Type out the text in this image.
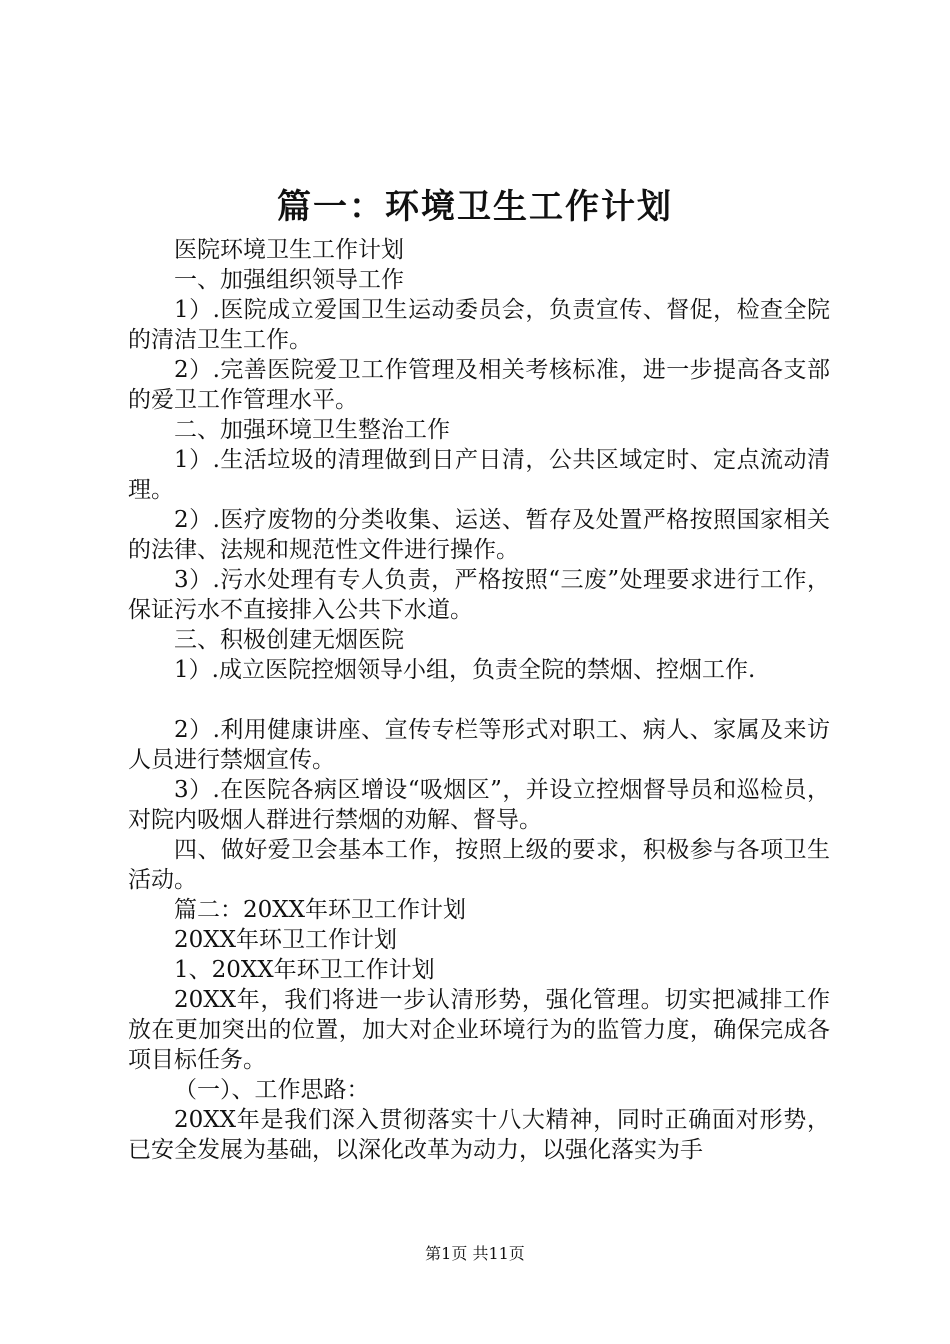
篇一：环境卫生工作计划

医院环境卫生工作计划

一、加强组织领导工作

1）.医院成立爱国卫生运动委员会，负责宣传、督促，检查全院的清洁卫生工作。

2）.完善医院爱卫工作管理及相关考核标准，进一步提高各支部的爱卫工作管理水平。

二、加强环境卫生整治工作

1）.生活垃圾的清理做到日产日清，公共区域定时、定点流动清理。

2）.医疗废物的分类收集、运送、暂存及处置严格按照国家相关的法律、法规和规范性文件进行操作。

3）.污水处理有专人负责，严格按照“三废”处理要求进行工作，保证污水不直接排入公共下水道。

三、积极创建无烟医院

1）.成立医院控烟领导小组，负责全院的禁烟、控烟工作.

2）.利用健康讲座、宣传专栏等形式对职工、病人、家属及来访人员进行禁烟宣传。

3）.在医院各病区增设“吸烟区”，并设立控烟督导员和巡检员，对院内吸烟人群进行禁烟的劝解、督导。

四、做好爱卫会基本工作，按照上级的要求，积极参与各项卫生活动。

篇二：20XX年环卫工作计划

20XX年环卫工作计划

1、20XX年环卫工作计划

20XX年，我们将进一步认清形势，强化管理。切实把减排工作放在更加突出的位置，加大对企业环境行为的监管力度，确保完成各项目标任务。

（一）、工作思路：

20XX年是我们深入贯彻落实十八大精神，同时正确面对形势，已安全发展为基础，以深化改革为动力，以强化落实为手

第1页 共11页
